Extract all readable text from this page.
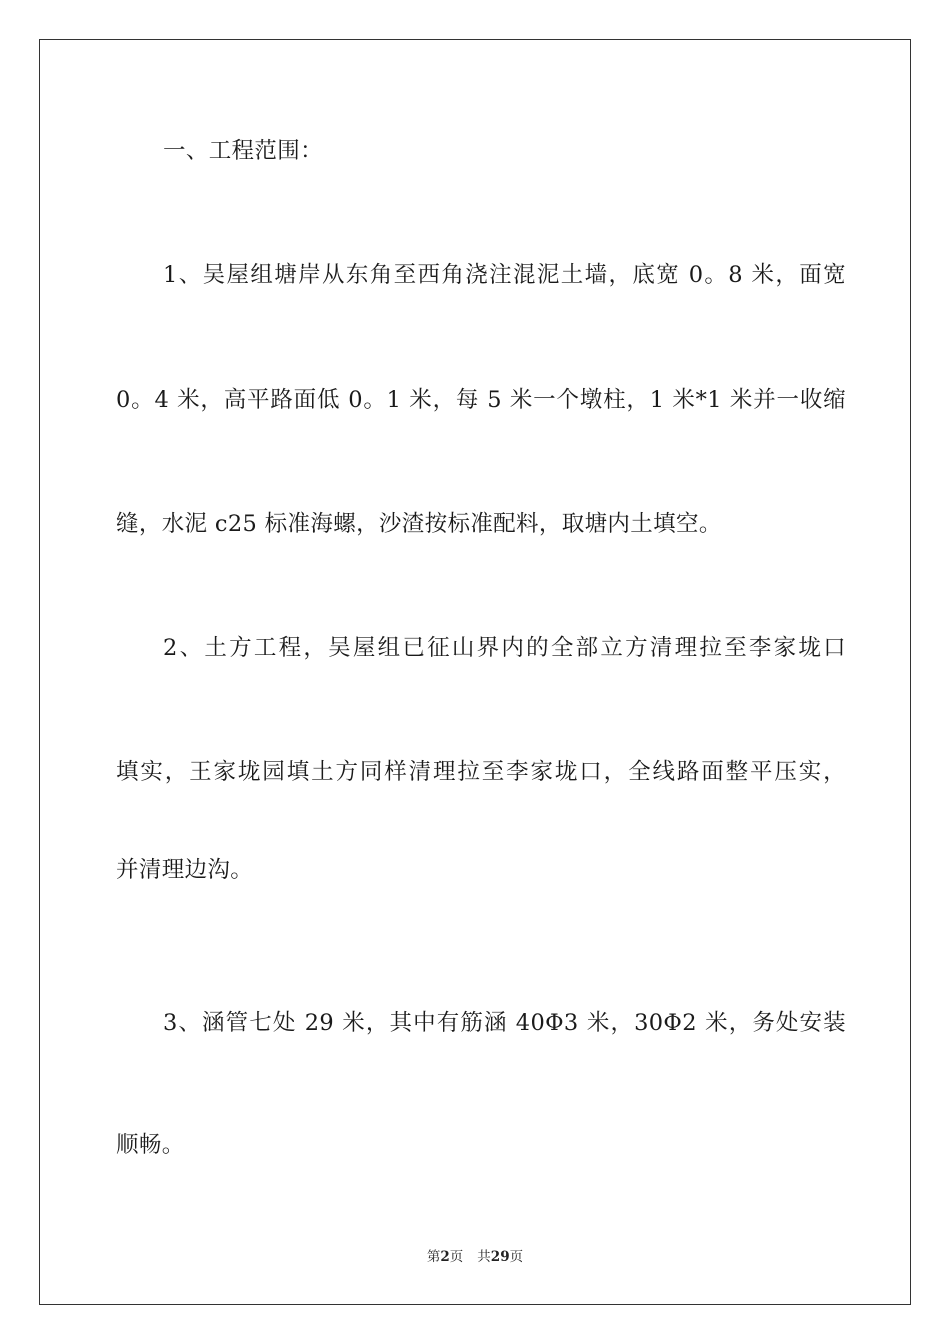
一、工程范围：
1、吴屋组塘岸从东角至西角浇注混泥土墙，底宽 0。8 米，面宽
0。4 米，高平路面低 0。1 米，每 5 米一个墩柱，1 米*1 米并一收缩
缝，水泥 c25 标准海螺，沙渣按标准配料，取塘内土填空。
2、土方工程，吴屋组已征山界内的全部立方清理拉至李家垅口
填实，王家垅园填土方同样清理拉至李家垅口，全线路面整平压实，
并清理边沟。
3、涵管七处 29 米，其中有筋涵 40Φ3 米，30Φ2 米，务处安装
顺畅。
第2页 共29页
